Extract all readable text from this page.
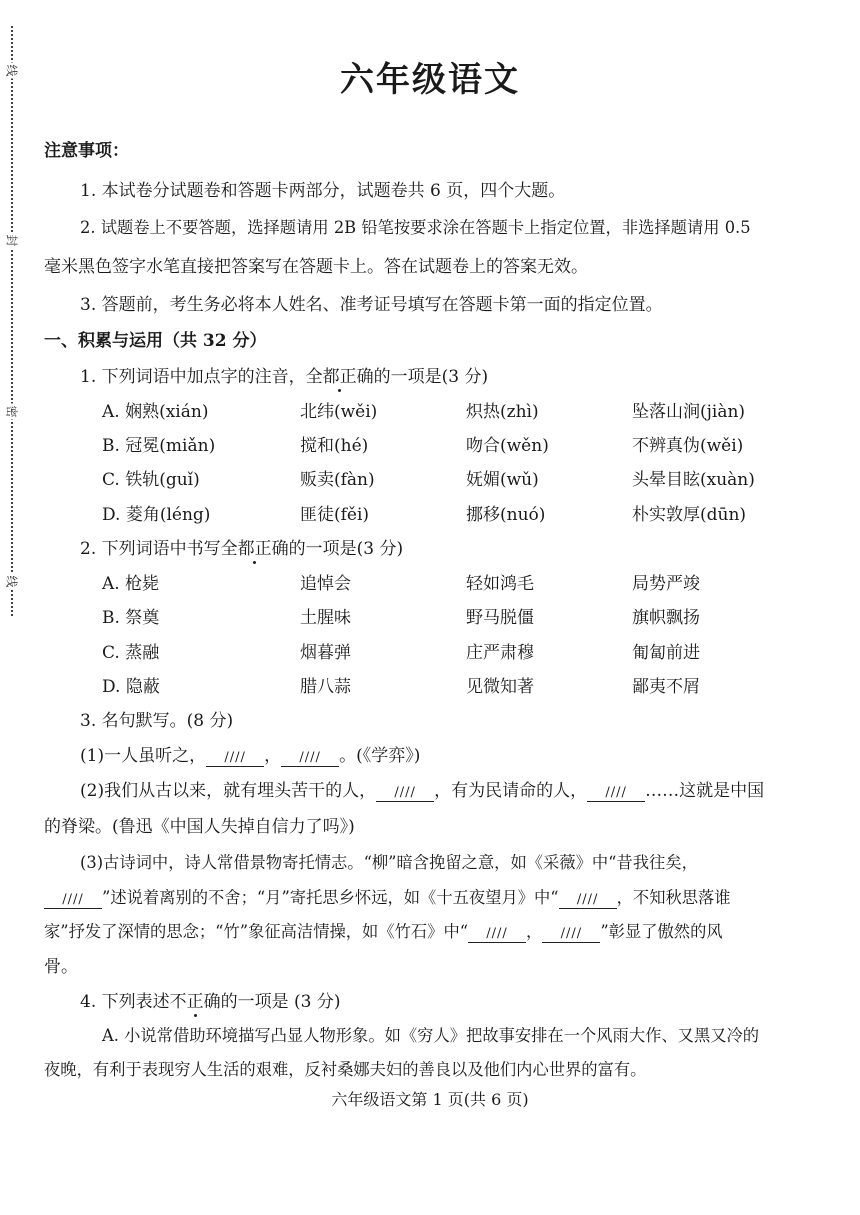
线
封
密
线
六年级语文
注意事项：
1. 本试卷分试题卷和答题卡两部分，试题卷共 6 页，四个大题。
2. 试题卷上不要答题，选择题请用 2B 铅笔按要求涂在答题卡上指定位置，非选择题请用 0.5
毫米黑色签字水笔直接把答案写在答题卡上。答在试题卷上的答案无效。
3. 答题前，考生务必将本人姓名、准考证号填写在答题卡第一面的指定位置。
一、积累与运用（共 32 分）
1. 下列词语中加点字的注音，全都正确的一项是(3 分)
A. 娴熟(xián)	北纬(wěi)	炽热(zhì)	坠落山涧(jiàn)
B. 冠冕(miǎn)	搅和(hé)	吻合(wěn)	不辨真伪(wěi)
C. 铁轨(guǐ)	贩卖(fàn)	妩媚(wǔ)	头晕目眩(xuàn)
D. 菱角(léng)	匪徒(fěi)	挪移(nuó)	朴实敦厚(dūn)
2. 下列词语中书写全都正确的一项是(3 分)
A. 枪毙	追悼会	轻如鸿毛	局势严竣
B. 祭奠	土腥味	野马脱僵	旗帜飘扬
C. 蒸融	烟暮弹	庄严肃穆	匍匐前进
D. 隐蔽	腊八蒜	见微知著	鄙夷不屑
3. 名句默写。(8 分)
(1)一人虽听之， //// ， //// 。(《学弈》)
(2)我们从古以来，就有埋头苦干的人， //// ，有为民请命的人， //// ……这就是中国
的脊梁。(鲁迅《中国人失掉自信力了吗》)
(3)古诗词中，诗人常借景物寄托情志。“柳”暗含挽留之意，如《采薇》中“昔我往矣，
//// ”述说着离别的不舍；“月”寄托思乡怀远，如《十五夜望月》中“ //// ，不知秋思落谁
家”抒发了深情的思念；“竹”象征高洁情操，如《竹石》中“ //// ， //// ”彰显了傲然的风
骨。
4. 下列表述不正确的一项是 (3 分)
A. 小说常借助环境描写凸显人物形象。如《穷人》把故事安排在一个风雨大作、又黑又冷的
夜晚，有利于表现穷人生活的艰难，反衬桑娜夫妇的善良以及他们内心世界的富有。
六年级语文第 1 页(共 6 页)
